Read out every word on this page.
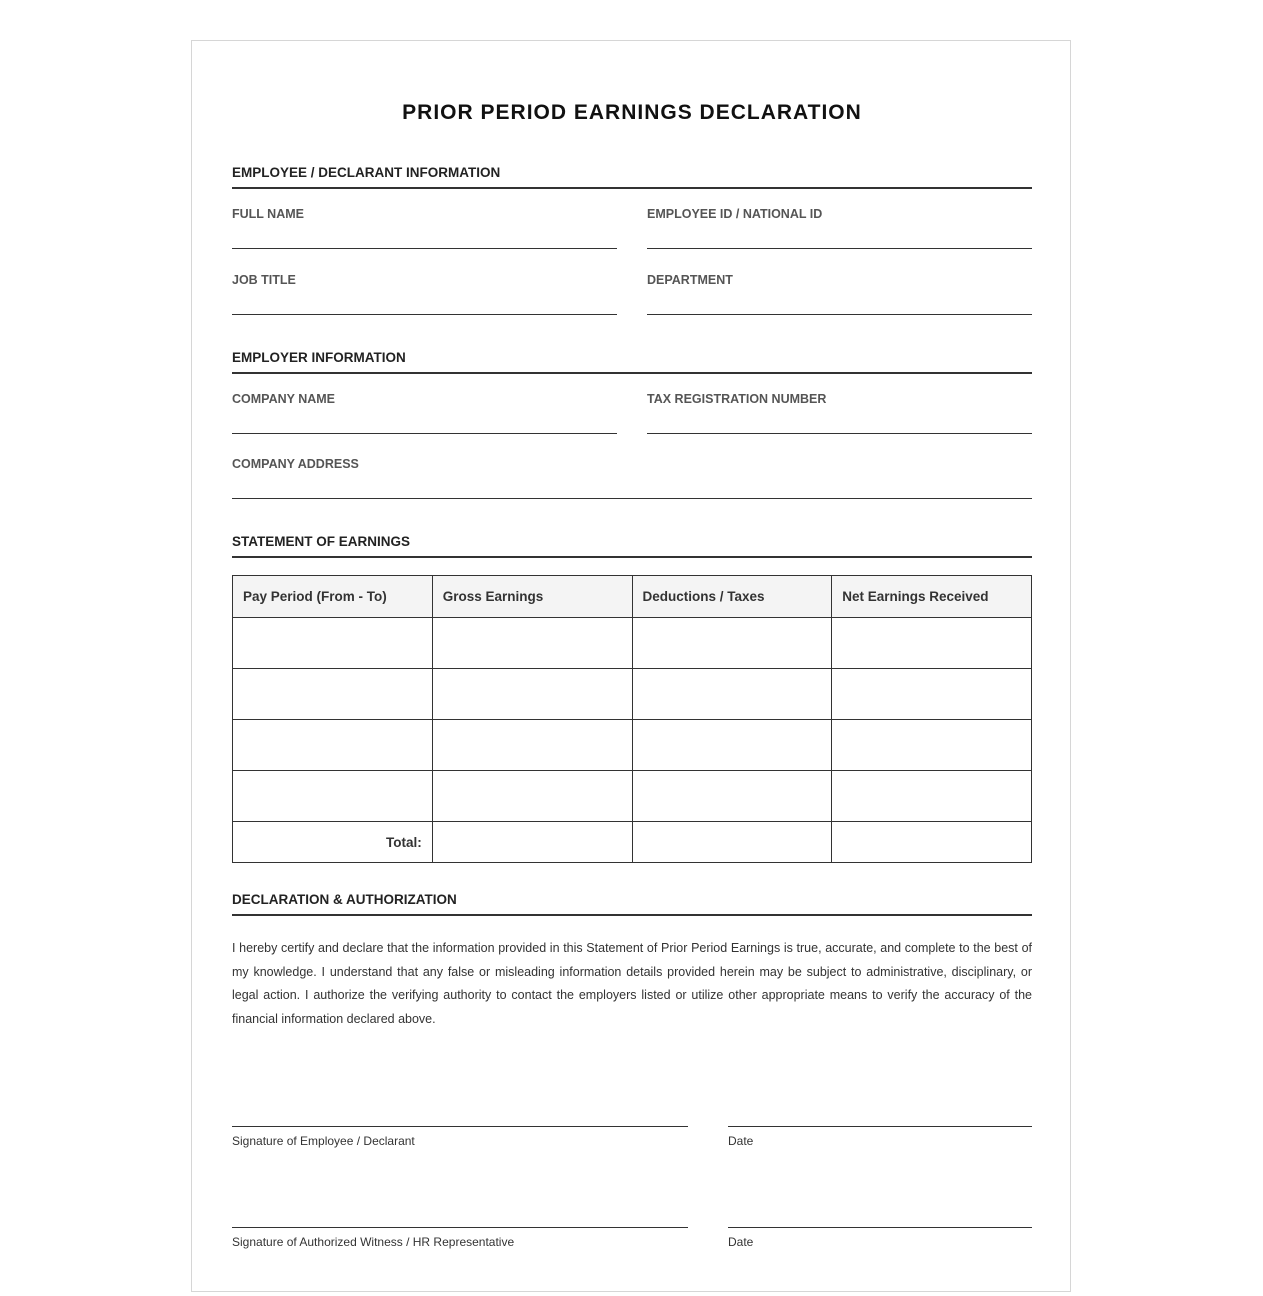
PRIOR PERIOD EARNINGS DECLARATION
EMPLOYEE / DECLARANT INFORMATION
FULL NAME	EMPLOYEE ID / NATIONAL ID
JOB TITLE	DEPARTMENT
EMPLOYER INFORMATION
COMPANY NAME	TAX REGISTRATION NUMBER
COMPANY ADDRESS
STATEMENT OF EARNINGS
Pay Period (From - To)	Gross Earnings	Deductions / Taxes	Net Earnings Received

Total:			
DECLARATION & AUTHORIZATION
I hereby certify and declare that the information provided in this Statement of Prior Period Earnings is true, accurate, and complete to the best of my knowledge. I understand that any false or misleading information details provided herein may be subject to administrative, disciplinary, or legal action. I authorize the verifying authority to contact the employers listed or utilize other appropriate means to verify the accuracy of the financial information declared above.
Signature of Employee / Declarant	Date
Signature of Authorized Witness / HR Representative	Date
